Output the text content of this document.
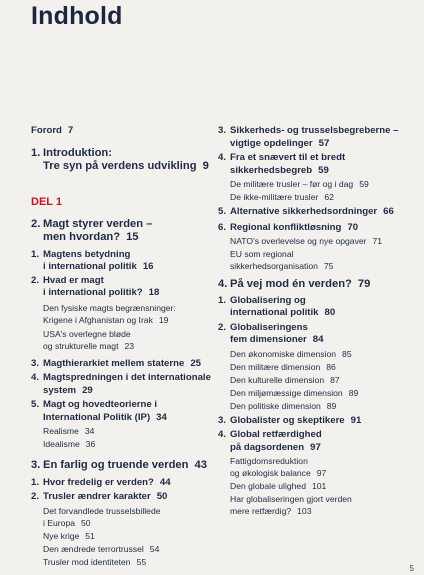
Indhold
Forord 7
1. Introduktion:
Tre syn på verdens udvikling 9
DEL 1
2. Magt styrer verden –
men hvordan? 15
1. Magtens betydning
i international politik 16
2. Hvad er magt
i international politik? 18
Den fysiske magts begrænsninger:
Krigene i Afghanistan og Irak 19
USA's overlegne bløde
og strukturelle magt 23
3. Magthierarkiet mellem staterne 25
4. Magtspredningen i det internationale
system 29
5. Magt og hovedteorierne i
International Politik (IP) 34
Realisme 34
Idealisme 36
3. En farlig og truende verden 43
1. Hvor fredelig er verden? 44
2. Trusler ændrer karakter 50
Det forvandlede trusselsbillede
i Europa 50
Nye krige 51
Den ændrede terrortrussel 54
Trusler mod identiteten 55
3. Sikkerheds- og trusselsbegreberne –
vigtige opdelinger 57
4. Fra et snævert til et bredt
sikkerhedsbegreb 59
De militære trusler – før og i dag 59
De ikke-militære trusler 62
5. Alternative sikkerhedsordninger 66
6. Regional konfliktløsning 70
NATO's overlevelse og nye opgaver 71
EU som regional
sikkerhedsorganisation 75
4. På vej mod én verden? 79
1. Globalisering og
international politik 80
2. Globaliseringens
fem dimensioner 84
Den økonomiske dimension 85
Den militære dimension 86
Den kulturelle dimension 87
Den miljømæssige dimension 89
Den politiske dimension 89
3. Globalister og skeptikere 91
4. Global retfærdighed
på dagsordenen 97
Fattigdomsreduktion
og økologisk balance 97
Den globale ulighed 101
Har globaliseringen gjort verden
mere retfærdig? 103
5
